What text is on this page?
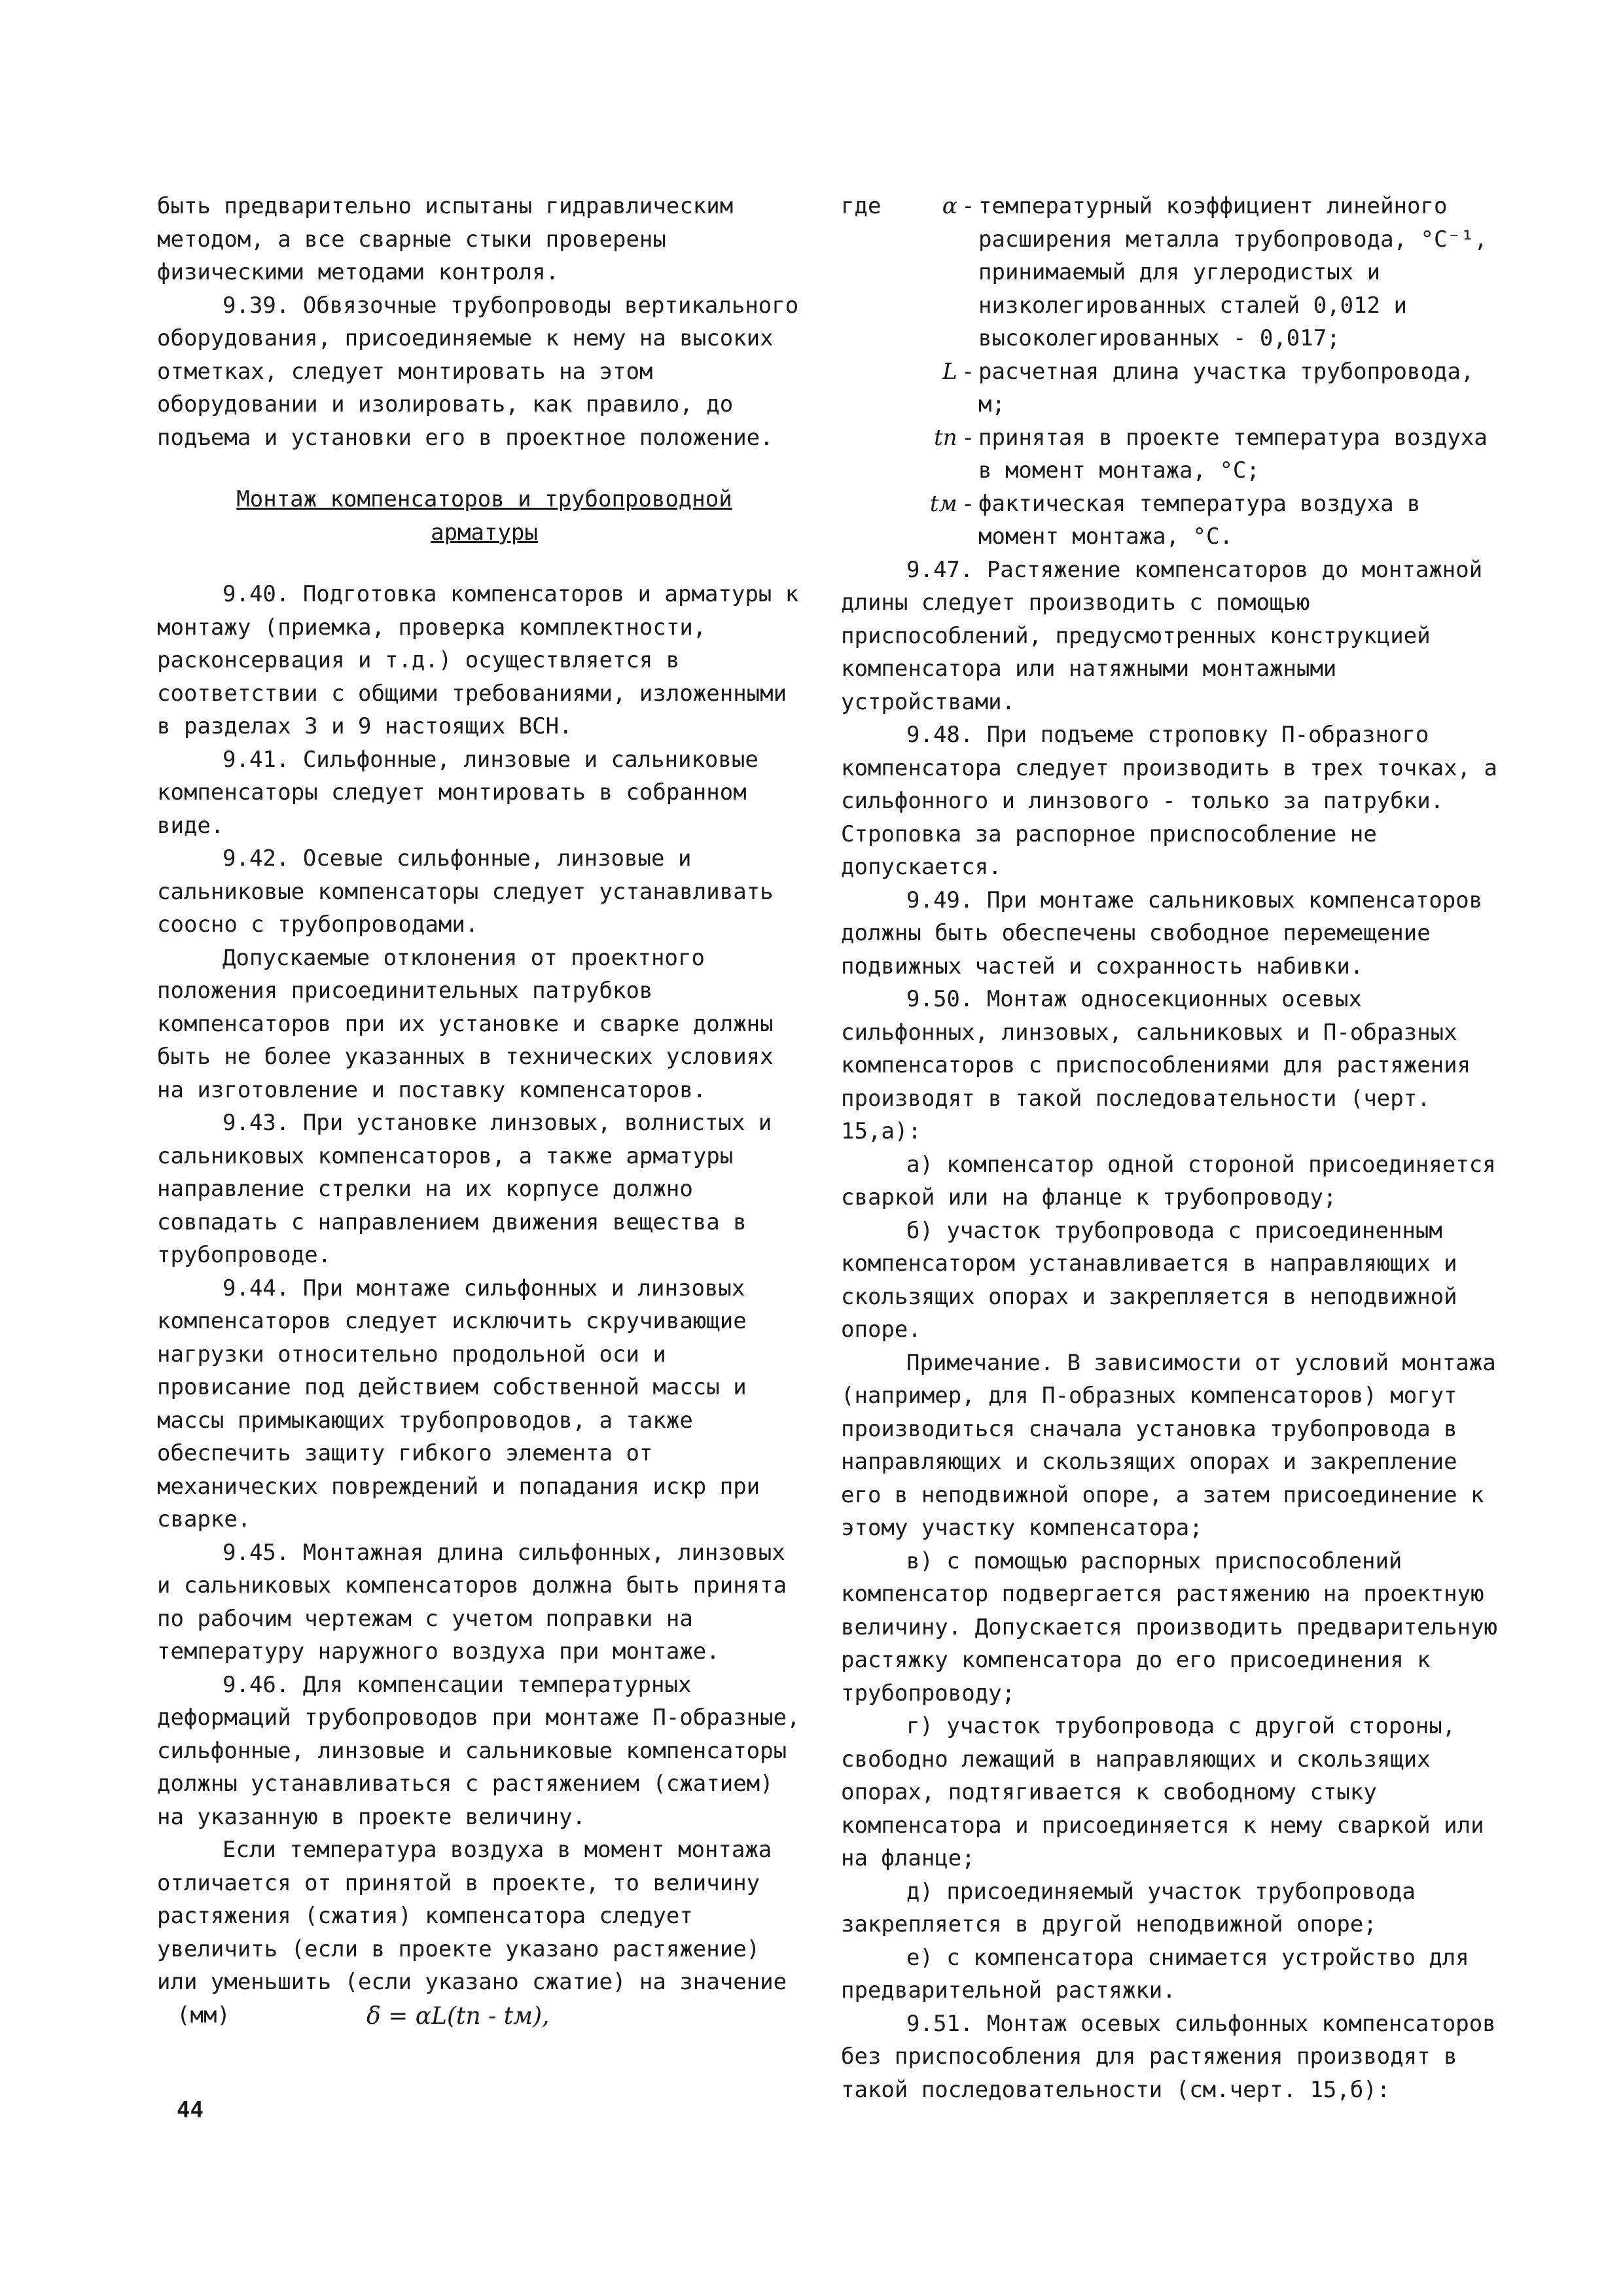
быть предварительно испытаны гидравлическим методом, а все сварные стыки проверены физическими методами контроля.

9.39. Обвязочные трубопроводы вертикального оборудования, присоединяемые к нему на высоких отметках, следует монтировать на этом оборудовании и изолировать, как правило, до подъема и установки его в проектное положение.

Монтаж компенсаторов и трубопроводной
арматуры

9.40. Подготовка компенсаторов и арматуры к монтажу (приемка, проверка комплектности, расконсервация и т.д.) осуществляется в соответствии с общими требованиями, изложенными в разделах 3 и 9 настоящих ВСН.

9.41. Сильфонные, линзовые и сальниковые компенсаторы следует монтировать в собранном виде.

9.42. Осевые сильфонные, линзовые и сальниковые компенсаторы следует устанавливать соосно с трубопроводами.

Допускаемые отклонения от проектного положения присоединительных патрубков компенсаторов при их установке и сварке должны быть не более указанных в технических условиях на изготовление и поставку компенсаторов.

9.43. При установке линзовых, волнистых и сальниковых компенсаторов, а также арматуры направление стрелки на их корпусе должно совпадать с направлением движения вещества в трубопроводе.

9.44. При монтаже сильфонных и линзовых компенсаторов следует исключить скручивающие нагрузки относительно продольной оси и провисание под действием собственной массы и массы примыкающих трубопроводов, а также обеспечить защиту гибкого элемента от механических повреждений и попадания искр при сварке.

9.45. Монтажная длина сильфонных, линзовых и сальниковых компенсаторов должна быть принята по рабочим чертежам с учетом поправки на температуру наружного воздуха при монтаже.

9.46. Для компенсации температурных деформаций трубопроводов при монтаже П-образные, сильфонные, линзовые и сальниковые компенсаторы должны устанавливаться с растяжением (сжатием) на указанную в проекте величину.

Если температура воздуха в момент монтажа отличается от принятой в проекте, то величину растяжения (сжатия) компенсатора следует увеличить (если в проекте указано растяжение) или уменьшить (если указано сжатие) на значение

(мм)	δ = αL(tп - tм),
где	α - температурный коэффициент линейного расширения металла трубопровода, °C⁻¹, принимаемый для углеродистых и низколегированных сталей 0,012 и высоколегированных - 0,017;
L - расчетная длина участка трубопровода, м;
tп - принятая в проекте температура воздуха в момент монтажа, °C;
tм - фактическая температура воздуха в момент монтажа, °C.

9.47. Растяжение компенсаторов до монтажной длины следует производить с помощью приспособлений, предусмотренных конструкцией компенсатора или натяжными монтажными устройствами.

9.48. При подъеме строповку П-образного компенсатора следует производить в трех точках, а сильфонного и линзового - только за патрубки. Строповка за распорное приспособление не допускается.

9.49. При монтаже сальниковых компенсаторов должны быть обеспечены свободное перемещение подвижных частей и сохранность набивки.

9.50. Монтаж односекционных осевых сильфонных, линзовых, сальниковых и П-образных компенсаторов с приспособлениями для растяжения производят в такой последовательности (черт. 15,а):

а) компенсатор одной стороной присоединяется сваркой или на фланце к трубопроводу;

б) участок трубопровода с присоединенным компенсатором устанавливается в направляющих и скользящих опорах и закрепляется в неподвижной опоре.

Примечание. В зависимости от условий монтажа (например, для П-образных компенсаторов) могут производиться сначала установка трубопровода в направляющих и скользящих опорах и закрепление его в неподвижной опоре, а затем присоединение к этому участку компенсатора;

в) с помощью распорных приспособлений компенсатор подвергается растяжению на проектную величину. Допускается производить предварительную растяжку компенсатора до его присоединения к трубопроводу;

г) участок трубопровода с другой стороны, свободно лежащий в направляющих и скользящих опорах, подтягивается к свободному стыку компенсатора и присоединяется к нему сваркой или на фланце;

д) присоединяемый участок трубопровода закрепляется в другой неподвижной опоре;

е) с компенсатора снимается устройство для предварительной растяжки.

9.51. Монтаж осевых сильфонных компенсаторов без приспособления для растяжения производят в такой последовательности (см.черт. 15,б):

44
